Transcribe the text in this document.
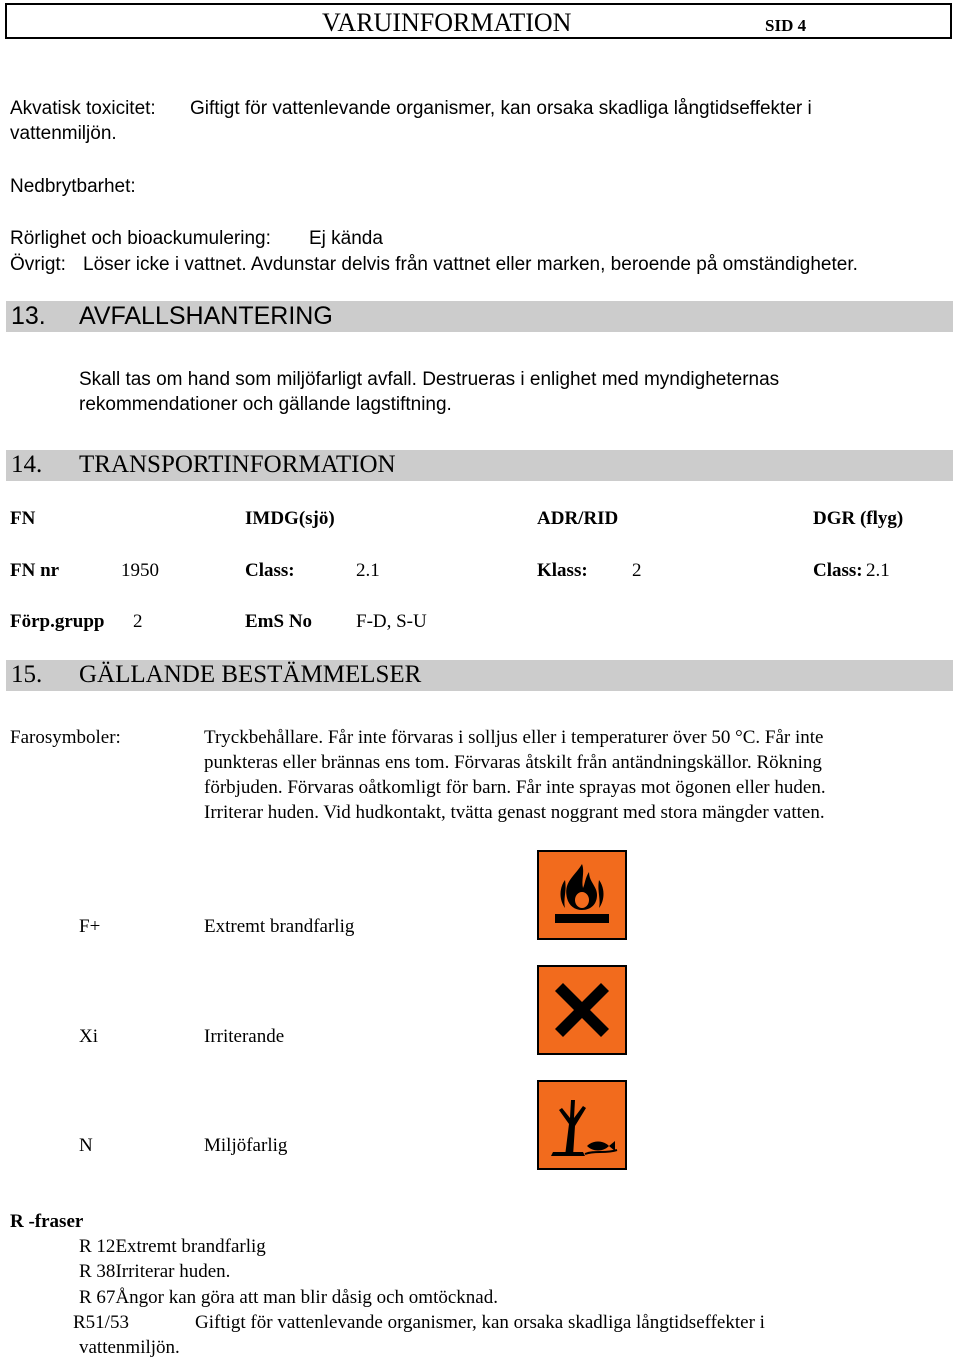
VARUINFORMATION	SID 4
Akvatisk toxicitet: Giftigt för vattenlevande organismer, kan orsaka skadliga långtidseffekter i
vattenmiljön.
Nedbrytbarhet:
Rörlighet och bioackumulering: Ej kända
Övrigt: Löser icke i vattnet. Avdunstar delvis från vattnet eller marken, beroende på omständigheter.
13. AVFALLSHANTERING
Skall tas om hand som miljöfarligt avfall. Destrueras i enlighet med myndigheternas
rekommendationer och gällande lagstiftning.
14. TRANSPORTINFORMATION
FN	IMDG(sjö)	ADR/RID	DGR (flyg)
FN nr	1950	Class:	2.1	Klass: 2	Class: 2.1
Förp.grupp 2	EmS No F-D, S-U
15. GÄLLANDE BESTÄMMELSER
Farosymboler:	Tryckbehållare. Får inte förvaras i solljus eller i temperaturer över 50 °C. Får inte
punkteras eller brännas ens tom. Förvaras åtskilt från antändningskällor. Rökning
förbjuden. Förvaras oåtkomligt för barn. Får inte sprayas mot ögonen eller huden.
Irriterar huden. Vid hudkontakt, tvätta genast noggrant med stora mängder vatten.
F+	Extremt brandfarlig
Xi	Irriterande
N	Miljöfarlig
R -fraser
R 12Extremt brandfarlig
R 38Irriterar huden.
R 67Ångor kan göra att man blir dåsig och omtöcknad.
R51/53	Giftigt för vattenlevande organismer, kan orsaka skadliga långtidseffekter i
vattenmiljön.
